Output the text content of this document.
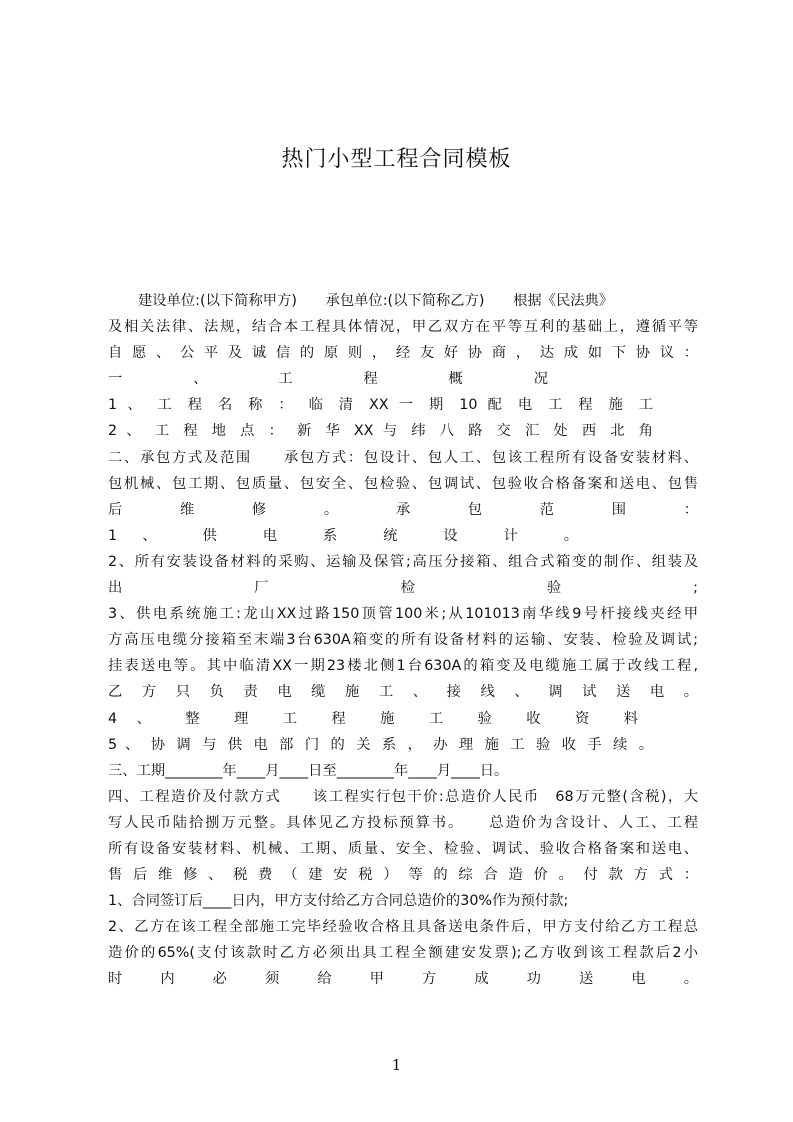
热门小型工程合同模板
建设单位:(以下简称甲方)　　承包单位:(以下简称乙方)　　根据《民法典》
及相关法律、法规，结合本工程具体情况，甲乙双方在平等互利的基础上，遵循平等
自 愿 、 公 平 及 诚 信 的 原 则 ， 经 友 好 协 商 ， 达 成 如 下 协 议 ：
一 、 工 程 概 况
1 、 工 程 名 称 ： 临 清 XX 一 期 10 配 电 工 程 施 工
2 、 工 程 地 点 ： 新 华 XX 与 纬 八 路 交 汇 处 西 北 角
二、承包方式及范围　　承包方式：包设计、包人工、包该工程所有设备安装材料、
包机械、包工期、包质量、包安全、包检验、包调试、包验收合格备案和送电、包售
后 维 修 。 承 包 范 围 ：
1 、 供 电 系 统 设 计 。
2、所有安装设备材料的采购、运输及保管;高压分接箱、组合式箱变的制作、组装及
出 厂 检 验 ;
3、供电系统施工:龙山XX过路150顶管100米;从101013南华线9号杆接线夹经甲
方高压电缆分接箱至末端3台630A箱变的所有设备材料的运输、安装、检验及调试;
挂表送电等。其中临清XX一期23楼北侧1台630A的箱变及电缆施工属于改线工程,
乙 方 只 负 责 电 缆 施 工 、 接 线 、 调 试 送 电 。
4 、 整 理 工 程 施 工 验 收 资 料
5 、 协 调 与 供 电 部 门 的 关 系 ， 办 理 施 工 验 收 手 续 。
三、工期________年____月____日至________年____月____日。
四、工程造价及付款方式　　该工程实行包干价:总造价人民币　68万元整(含税)，大
写人民币陆拾捌万元整。具体见乙方投标预算书。　　总造价为含设计、人工、工程
所有设备安装材料、机械、工期、质量、安全、检验、调试、验收合格备案和送电、
售 后 维 修 、 税 费 （ 建 安 税 ） 等 的 综 合 造 价 。 付 款 方 式 ：
1、合同签订后____日内，甲方支付给乙方合同总造价的30%作为预付款;
2、乙方在该工程全部施工完毕经验收合格且具备送电条件后，甲方支付给乙方工程总
造价的65%(支付该款时乙方必须出具工程全额建安发票);乙方收到该工程款后2小
时 内 必 须 给 甲 方 成 功 送 电 。
1
